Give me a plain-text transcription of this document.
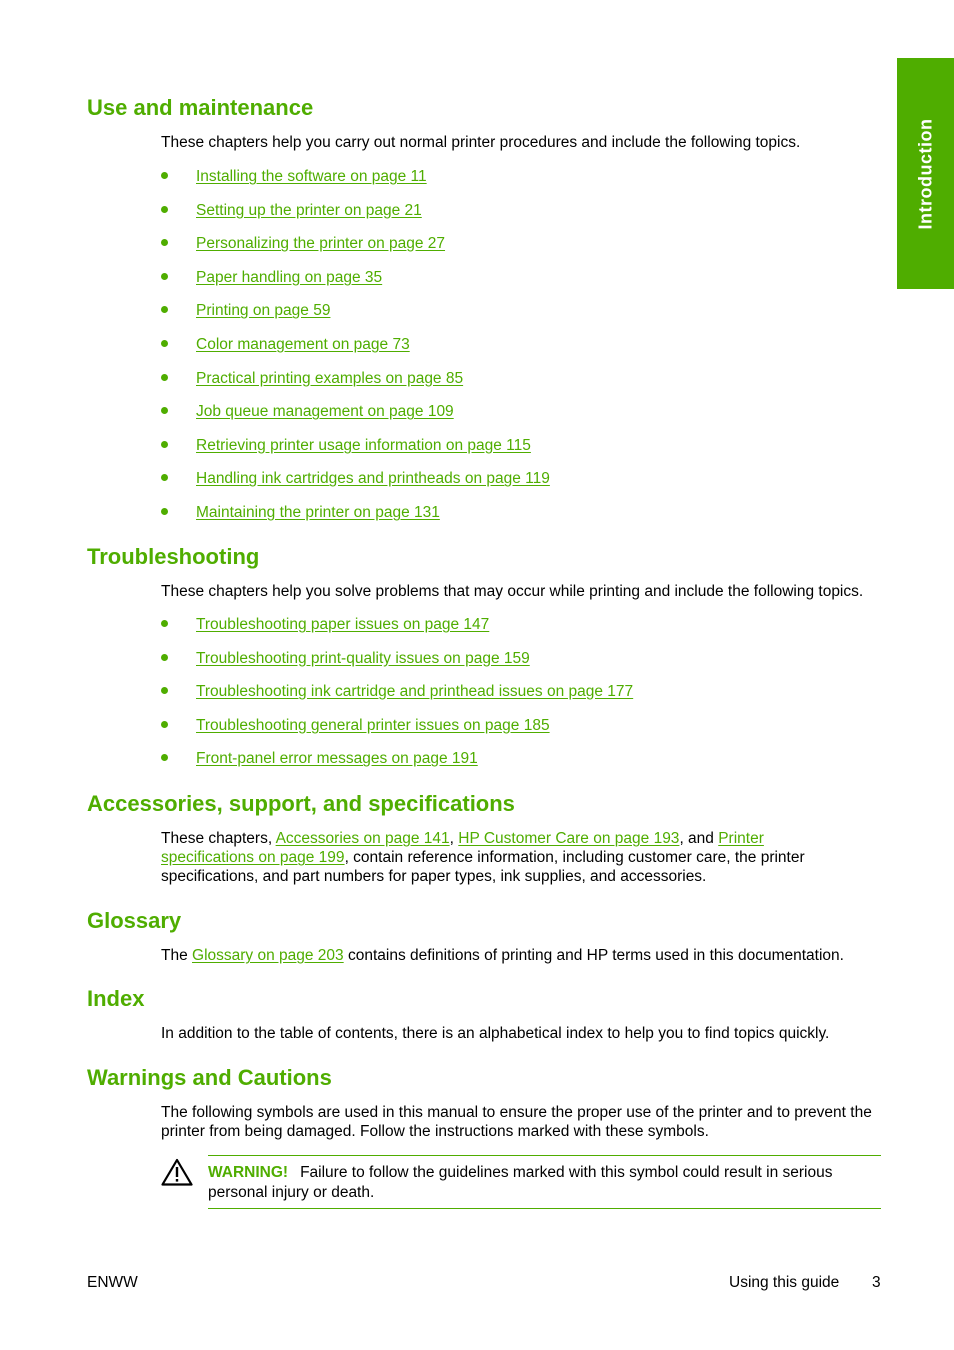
Introduction
Use and maintenance

These chapters help you carry out normal printer procedures and include the following topics.

Installing the software on page 11
Setting up the printer on page 21
Personalizing the printer on page 27
Paper handling on page 35
Printing on page 59
Color management on page 73
Practical printing examples on page 85
Job queue management on page 109
Retrieving printer usage information on page 115
Handling ink cartridges and printheads on page 119
Maintaining the printer on page 131
Troubleshooting

These chapters help you solve problems that may occur while printing and include the following topics.

Troubleshooting paper issues on page 147
Troubleshooting print-quality issues on page 159
Troubleshooting ink cartridge and printhead issues on page 177
Troubleshooting general printer issues on page 185
Front-panel error messages on page 191
Accessories, support, and specifications

These chapters, Accessories on page 141, HP Customer Care on page 193, and Printer specifications on page 199, contain reference information, including customer care, the printer specifications, and part numbers for paper types, ink supplies, and accessories.

Glossary

The Glossary on page 203 contains definitions of printing and HP terms used in this documentation.

Index

In addition to the table of contents, there is an alphabetical index to help you to find topics quickly.

Warnings and Cautions

The following symbols are used in this manual to ensure the proper use of the printer and to prevent the printer from being damaged. Follow the instructions marked with these symbols.

WARNING! Failure to follow the guidelines marked with this symbol could result in serious personal injury or death.

ENWW	Using this guide 3
